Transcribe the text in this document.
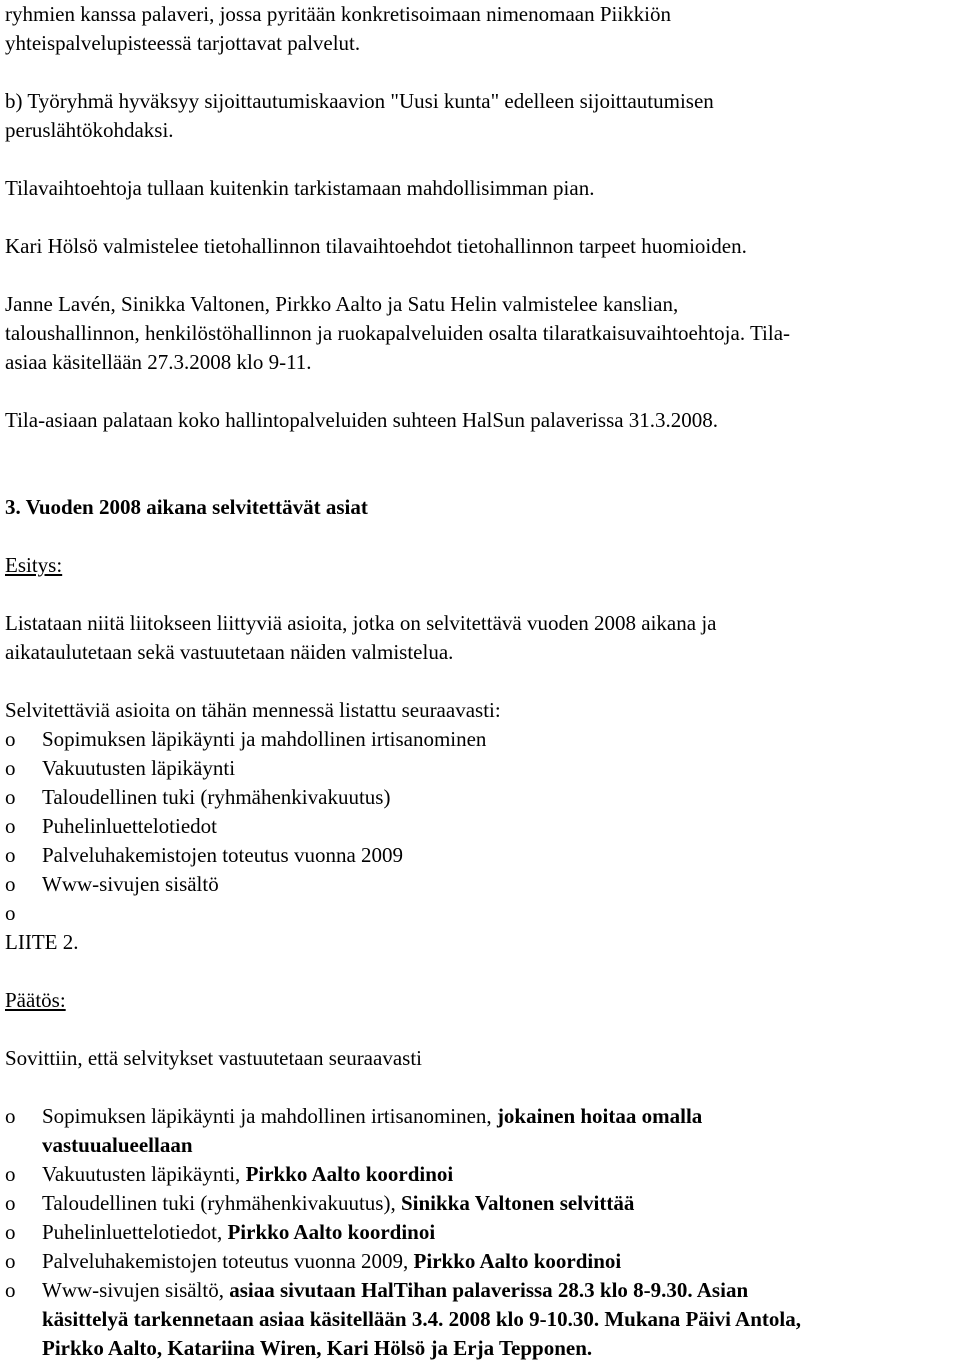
ryhmien kanssa palaveri, jossa pyritään konkretisoimaan nimenomaan Piikkiön
yhteispalvelupisteessä tarjottavat palvelut.

b) Työryhmä hyväksyy sijoittautumiskaavion "Uusi kunta" edelleen sijoittautumisen
peruslähtökohdaksi.

Tilavaihtoehtoja tullaan kuitenkin tarkistamaan mahdollisimman pian.

Kari Hölsö valmistelee tietohallinnon tilavaihtoehdot tietohallinnon tarpeet huomioiden.

Janne Lavén, Sinikka Valtonen, Pirkko Aalto ja Satu Helin valmistelee kanslian,
taloushallinnon, henkilöstöhallinnon ja ruokapalveluiden osalta tilaratkaisuvaihtoehtoja. Tila-
asiaa käsitellään 27.3.2008 klo 9-11.

Tila-asiaan palataan koko hallintopalveluiden suhteen HalSun palaverissa 31.3.2008.

3. Vuoden 2008 aikana selvitettävät asiat

Esitys:

Listataan niitä liitokseen liittyviä asioita, jotka on selvitettävä vuoden 2008 aikana ja
aikataulutetaan sekä vastuutetaan näiden valmistelua.

Selvitettäviä asioita on tähän mennessä listattu seuraavasti:

o Sopimuksen läpikäynti ja mahdollinen irtisanominen
o Vakuutusten läpikäynti
o Taloudellinen tuki (ryhmähenkivakuutus)
o Puhelinluettelotiedot
o Palveluhakemistojen toteutus vuonna 2009
o Www-sivujen sisältö
o

LIITE 2.

Päätös:

Sovittiin, että selvitykset vastuutetaan seuraavasti

o Sopimuksen läpikäynti ja mahdollinen irtisanominen, jokainen hoitaa omalla
vastuualueellaan
o Vakuutusten läpikäynti, Pirkko Aalto koordinoi
o Taloudellinen tuki (ryhmähenkivakuutus), Sinikka Valtonen selvittää
o Puhelinluettelotiedot, Pirkko Aalto koordinoi
o Palveluhakemistojen toteutus vuonna 2009, Pirkko Aalto koordinoi
o Www-sivujen sisältö, asiaa sivutaan HalTihan palaverissa 28.3 klo 8-9.30. Asian
käsittelyä tarkennetaan asiaa käsitellään 3.4. 2008 klo 9-10.30. Mukana Päivi Antola,
Pirkko Aalto, Katariina Wiren, Kari Hölsö ja Erja Tepponen.
